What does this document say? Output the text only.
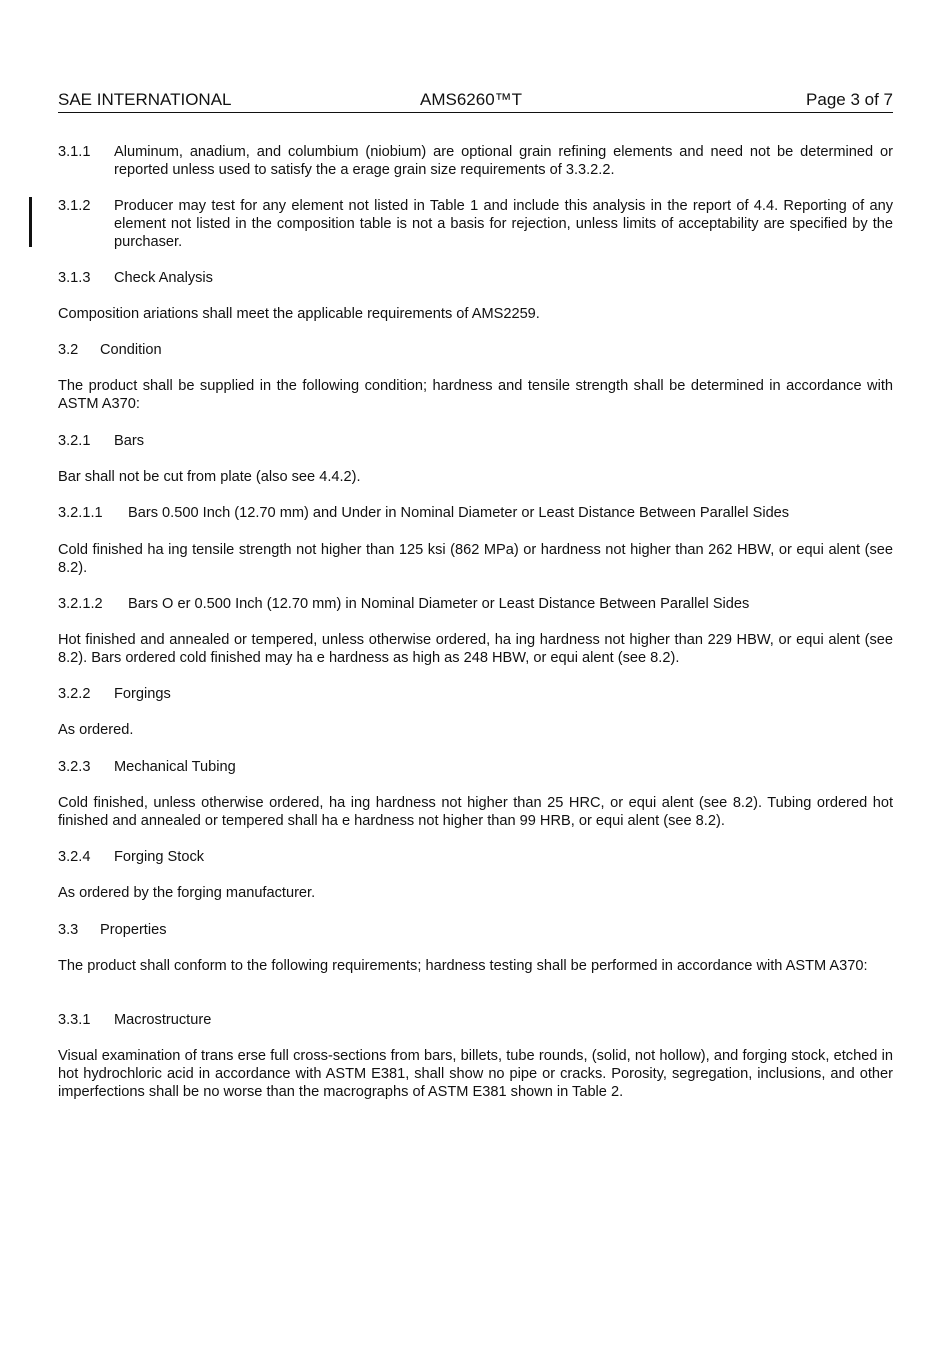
SAE INTERNATIONAL	AMS6260™T	Page 3 of 7
3.1.1 Aluminum, anadium, and columbium (niobium) are optional grain refining elements and need not be determined or reported unless used to satisfy the a erage grain size requirements of 3.3.2.2.
3.1.2 Producer may test for any element not listed in Table 1 and include this analysis in the report of 4.4. Reporting of any element not listed in the composition table is not a basis for rejection, unless limits of acceptability are specified by the purchaser.
3.1.3 Check Analysis
Composition ariations shall meet the applicable requirements of AMS2259.
3.2 Condition
The product shall be supplied in the following condition; hardness and tensile strength shall be determined in accordance with ASTM A370:
3.2.1 Bars
Bar shall not be cut from plate (also see 4.4.2).
3.2.1.1 Bars 0.500 Inch (12.70 mm) and Under in Nominal Diameter or Least Distance Between Parallel Sides
Cold finished ha ing tensile strength not higher than 125 ksi (862 MPa) or hardness not higher than 262 HBW, or equi alent (see 8.2).
3.2.1.2 Bars O er 0.500 Inch (12.70 mm) in Nominal Diameter or Least Distance Between Parallel Sides
Hot finished and annealed or tempered, unless otherwise ordered, ha ing hardness not higher than 229 HBW, or equi alent (see 8.2). Bars ordered cold finished may ha e hardness as high as 248 HBW, or equi alent (see 8.2).
3.2.2 Forgings
As ordered.
3.2.3 Mechanical Tubing
Cold finished, unless otherwise ordered, ha ing hardness not higher than 25 HRC, or equi alent (see 8.2). Tubing ordered hot finished and annealed or tempered shall ha e hardness not higher than 99 HRB, or equi alent (see 8.2).
3.2.4 Forging Stock
As ordered by the forging manufacturer.
3.3 Properties
The product shall conform to the following requirements; hardness testing shall be performed in accordance with ASTM A370:
3.3.1 Macrostructure
Visual examination of trans erse full cross-sections from bars, billets, tube rounds, (solid, not hollow), and forging stock, etched in hot hydrochloric acid in accordance with ASTM E381, shall show no pipe or cracks. Porosity, segregation, inclusions, and other imperfections shall be no worse than the macrographs of ASTM E381 shown in Table 2.
